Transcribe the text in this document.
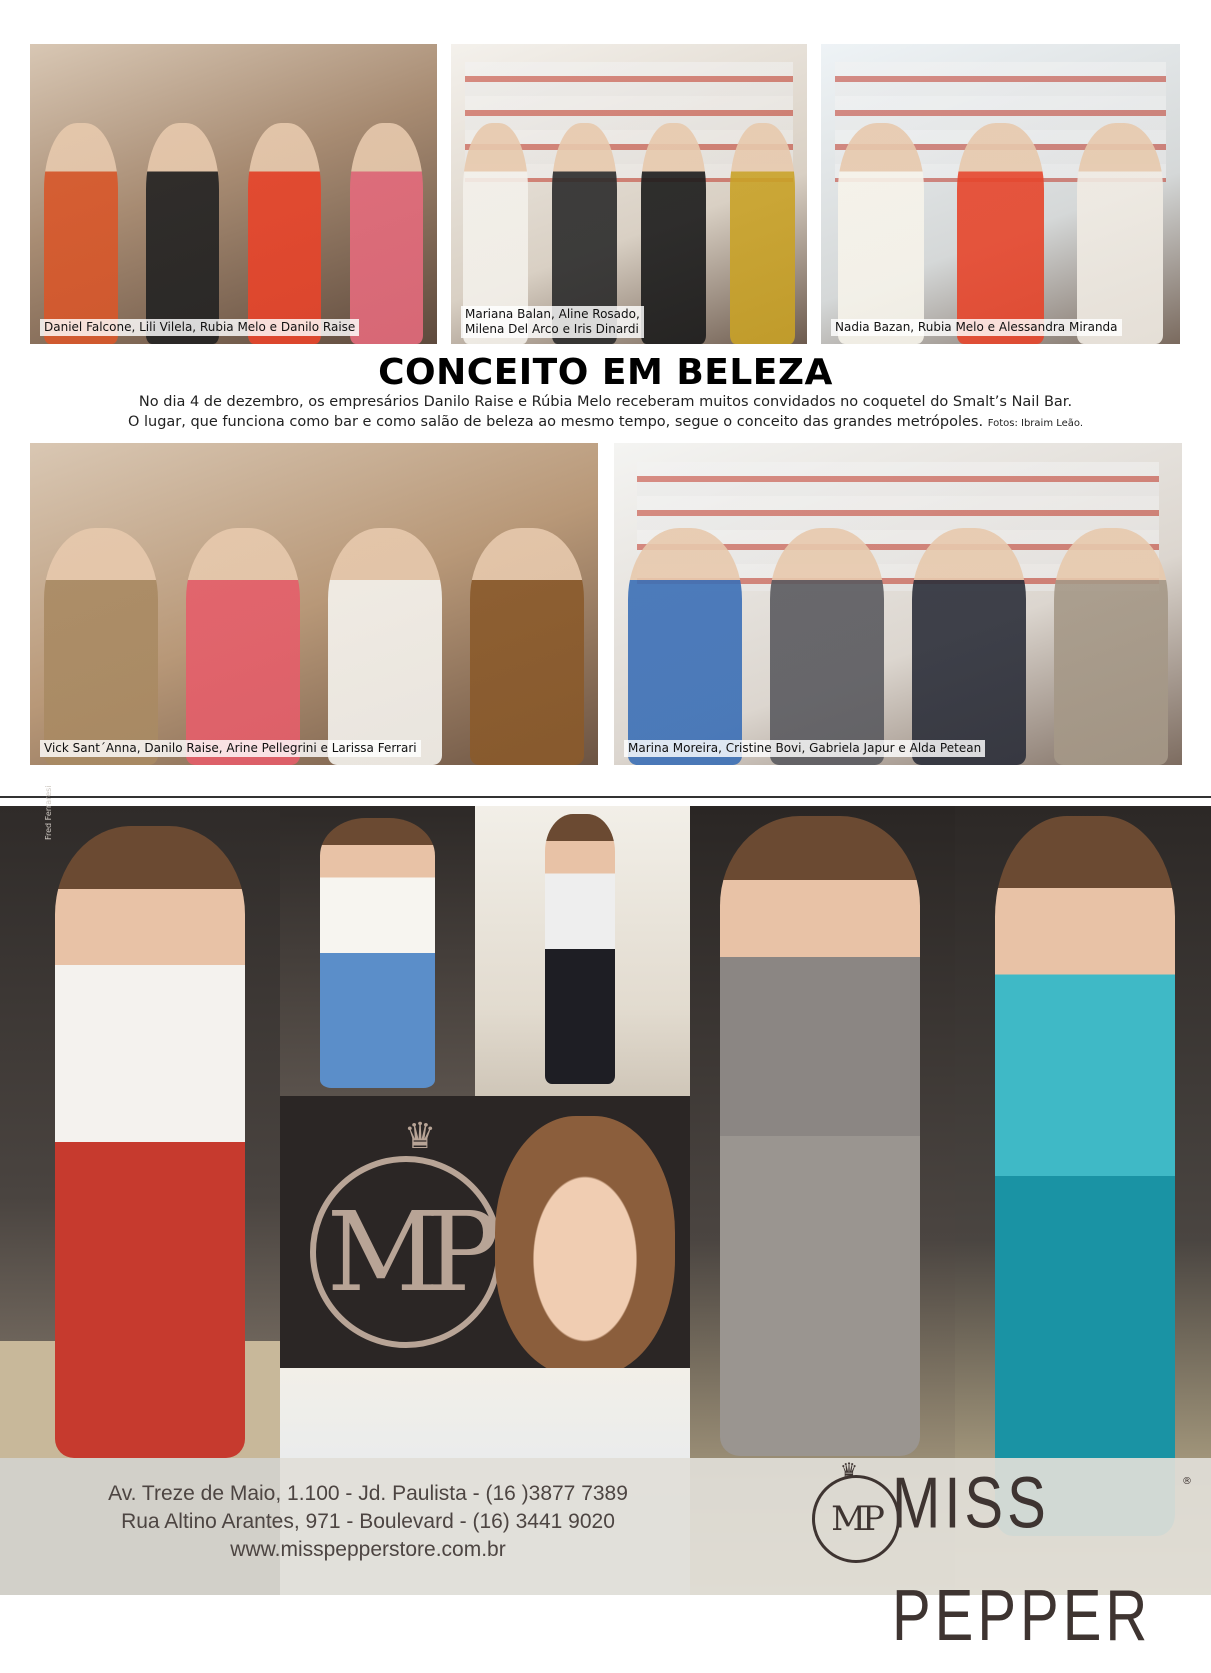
Daniel Falcone, Lili Vilela, Rubia Melo e Danilo Raise
Mariana Balan, Aline Rosado,
Milena Del Arco e Iris Dinardi	Nadia Bazan, Rubia Melo e Alessandra Miranda
CONCEITO EM BELEZA
No dia 4 de dezembro, os empresários Danilo Raise e Rúbia Melo receberam muitos convidados no coquetel do Smalt’s Nail Bar.
O lugar, que funciona como bar e como salão de beleza ao mesmo tempo, segue o conceito das grandes metrópoles. Fotos: Ibraim Leão.
Vick Sant´Anna, Danilo Raise, Arine Pellegrini e Larissa Ferrari	Marina Moreira, Cristine Bovi, Gabriela Japur e Alda Petean
♛
MP
Fred Ferraresi
Av. Treze de Maio, 1.100 - Jd. Paulista - (16 )3877 7389
Rua Altino Arantes, 971 - Boulevard - (16) 3441 9020
www.misspepperstore.com.br
♛
MP MISS PEPPER
®
